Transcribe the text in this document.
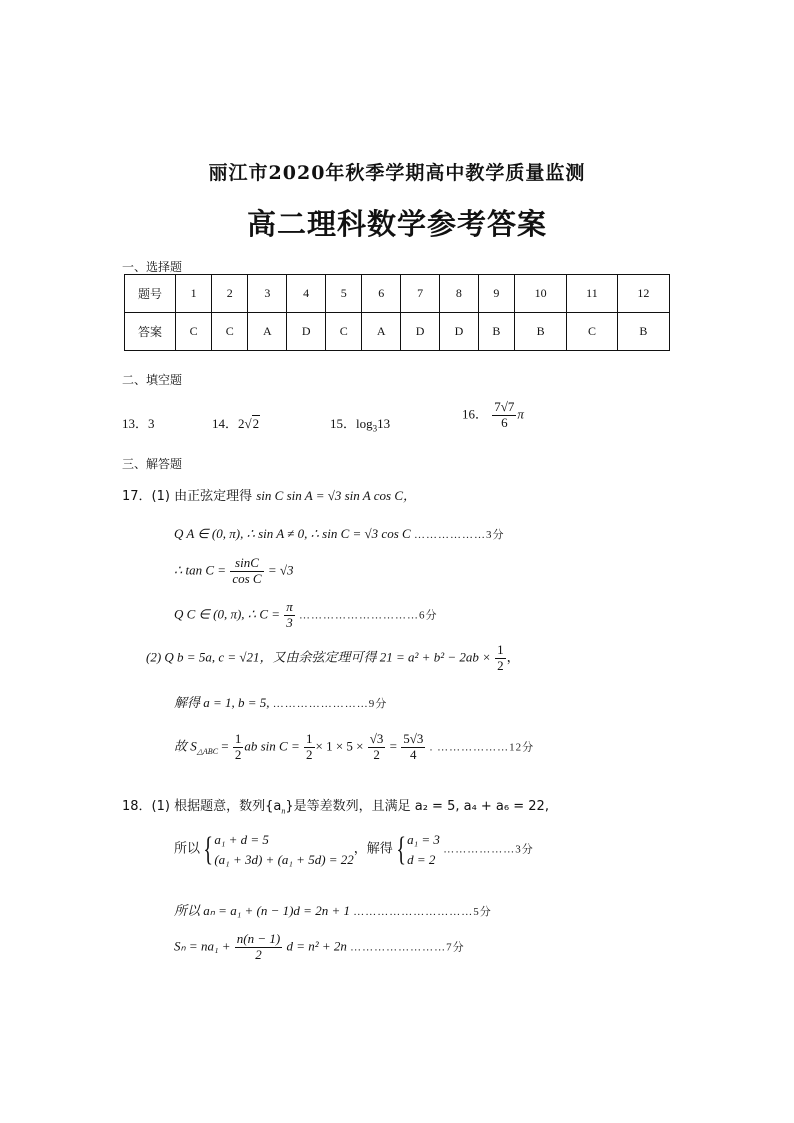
丽江市2020年秋季学期高中教学质量监测
高二理科数学参考答案
一、选择题
题号	1	2	3	4	5	6	7	8	9	10	11	12
答案	C	C	A	D	C	A	D	D	B	B	C	B
二、填空题
13．3	14．2√2	15．$\log_313$
16． $\frac{7√7}{6}$ π
三、解答题
17．(1) 由正弦定理得 sin C sin A = √3 sin A cos C，
Q A ∈ (0, π), ∴ sin A ≠ 0, ∴ sin C = √3 cos C ………………3分
∴ $\tan C = \frac{\sin C}{\text{cos C}} = √3$
Q C ∈ (0, π), ∴ $C = \frac{\pi}{3}$ …………………………6分
(2) Q b = 5a, c = √21，又由余弦定理可得 $21 = a^2 + b^2 - 2ab \times \frac{1}{2}$ ，
解得 a = 1, b = 5, ……………………9分
故 $S_{\triangle ABC} = \frac{1}{2}$ ab $\sin C = \frac{1}{2} \times 1 \times 5 \times \frac{√3}{2} = \frac{5√3}{4}$ . ………………12分
18．(1) 根据题意，数列$\{a_n\}$是等差数列，且满足 a₂ = 5, a₄ + a₆ = 22,
所以{ a₁ + d = 5
(a₁ + 3d) + (a₁ + 5d) = 22
，解得{ a₁ = 3
d = 2
………………3分
所以 aₙ = a₁ + (n − 1)d = 2n + 1 …………………………5分
$S_n = na_1 + \frac{n(n - 1)}{2}$ d = n² + 2n ……………………7分
